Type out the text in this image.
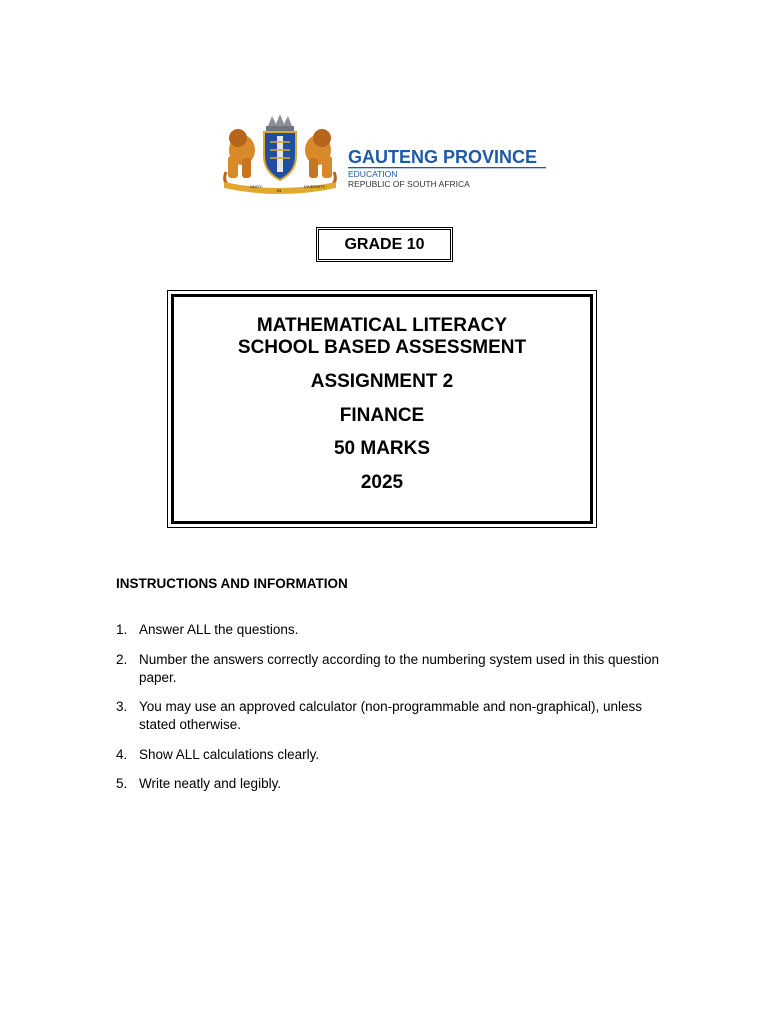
UNITY
IN
DIVERSITY
GAUTENG PROVINCE
EDUCATION
REPUBLIC OF SOUTH AFRICA
GRADE 10
MATHEMATICAL LITERACY
SCHOOL BASED ASSESSMENT
ASSIGNMENT 2
FINANCE
50 MARKS
2025
INSTRUCTIONS AND INFORMATION
1. Answer ALL the questions.
2. Number the answers correctly according to the numbering system used in this question paper.
3. You may use an approved calculator (non-programmable and non-graphical), unless stated otherwise.
4. Show ALL calculations clearly.
5. Write neatly and legibly.
